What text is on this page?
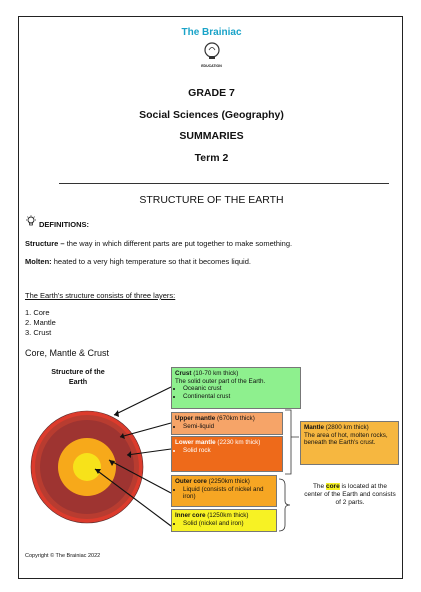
The Brainiac
EDUCATION
GRADE 7
Social Sciences (Geography)
SUMMARIES
Term 2
STRUCTURE OF THE EARTH
DEFINITIONS:
Structure – the way in which different parts are put together to make something.
Molten: heated to a very high temperature so that it becomes liquid.
The Earth's structure consists of three layers:
1. Core
2. Mantle
3. Crust
Core, Mantle & Crust
Structure of the
Earth
Crust (10-70 km thick)
The solid outer part of the Earth.
• Oceanic crust
• Continental crust
Upper mantle (670km thick)
• Semi-liquid
Lower mantle (2230 km thick)
• Solid rock
Mantle (2800 km thick)
The area of hot, molten rocks, beneath the Earth's crust.
Outer core (2250km thick)
• Liquid (consists of nickel and iron)
Inner core (1250km thick)
• Solid (nickel and iron)
The core is located at the center of the Earth and consists of 2 parts.
Copyright © The Brainiac 2022
